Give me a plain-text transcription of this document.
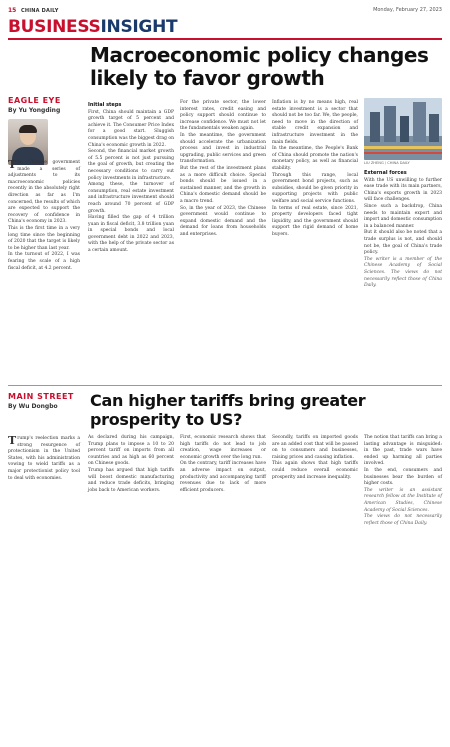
15 CHINA DAILY	Monday, February 27, 2023
BUSINESS INSIGHT
Macroeconomic policy changes likely to favor growth
EAGLE EYE
By Yu Yongding

The Chinese government made a series of adjustments to its macroeconomic policies recently in the absolutely right direction as far as I'm concerned, the results of which are expected to support the recovery of confidence in China's economy in 2023.

This is the first time in a very long time since the beginning of 2020 that the target is likely to be higher than last year.

In the turnout of 2022, I was fearing the scale of a high fiscal deficit, at 4.2 percent.

Initial steps

First, China should maintain a GDP growth target of 5 percent and achieve it. The Consumer Price Index for a good start. Sluggish consumption was the biggest drag on China's economic growth in 2022.

Second, the financial market growth of 5.5 percent is not just pursuing the goal of growth, but creating the necessary conditions to carry out policy investments in infrastructure.

Among these, the turnover of consumption, real estate investment and infrastructure investment should reach around 70 percent of GDP growth.

Having filled the gap of 4 trillion yuan in fiscal deficit, 3.8 trillion yuan in special bonds and local government debt in 2022 and 2023, with the help of the private sector as a certain amount.

For the private sector, the lower interest rates, credit easing and policy support should continue to increase confidence. We must not let the fundamentals weaken again.

In the meantime, the government should accelerate the urbanization process and invest in industrial upgrading, public services and green transformation.

But the rest of the investment plans as a more difficult choice. Special bonds should be issued in a sustained manner, and the growth in China's domestic demand should be a macro trend.

So, in the year of 2023, the Chinese government would continue to expand domestic demand and the demand for loans from households and enterprises.

Inflation is by no means high, real estate investment is a sector that should not be too far. We, the people, need to move in the direction of stable credit expansion and infrastructure investment in the main fields.

In the meantime, the People's Bank of China should promote the nation's monetary policy, as well as financial stability.

Through this range, local government bond projects, such as subsidies, should be given priority in supporting projects with public welfare and social service functions.

In terms of real estate, since 2021, property developers faced tight liquidity, and the government should support the rigid demand of home buyers.

LIU ZHENG / CHINA DAILY
External forces

With the US unwilling to further ease trade with its main partners, China's exports growth in 2023 will face challenges.

Since such a backdrop, China needs to maintain export and import and domestic consumption in a balanced manner.

But it should also be noted that a trade surplus is not, and should not be, the goal of China's trade policy.

The writer is a member of the Chinese Academy of Social Sciences. The views do not necessarily reflect those of China Daily.

Can higher tariffs bring greater prosperity to US?
MAIN STREET
By Wu Dongbo

Trump's reelection marks a strong resurgence of protectionism in the United States, with his administration vowing to wield tariffs as a major protectionist policy tool to deal with economies.

As declared during his campaign, Trump plans to impose a 10 to 20 percent tariff on imports from all countries and as high as 60 percent on Chinese goods.

Trump has argued that high tariffs will boost domestic manufacturing and reduce trade deficits, bringing jobs back to American workers.

First, economic research shows that high tariffs do not lead to job creation, wage increases or economic growth over the long run.

On the contrary, tariff increases have an adverse impact on output, productivity and accompanying tariff revenues due to lack of more efficient producers.

Secondly, tariffs on imported goods are an added cost that will be passed on to consumers and businesses, raising prices and causing inflation.

This again shows that high tariffs could reduce overall economic prosperity and increase inequality.

The notion that tariffs can bring a lasting advantage is misguided: in the past, trade wars have ended up harming all parties involved.

In the end, consumers and businesses bear the burden of higher costs.

The writer is an assistant research fellow at the Institute of American Studies, Chinese Academy of Social Sciences.

The views do not necessarily reflect those of China Daily.
